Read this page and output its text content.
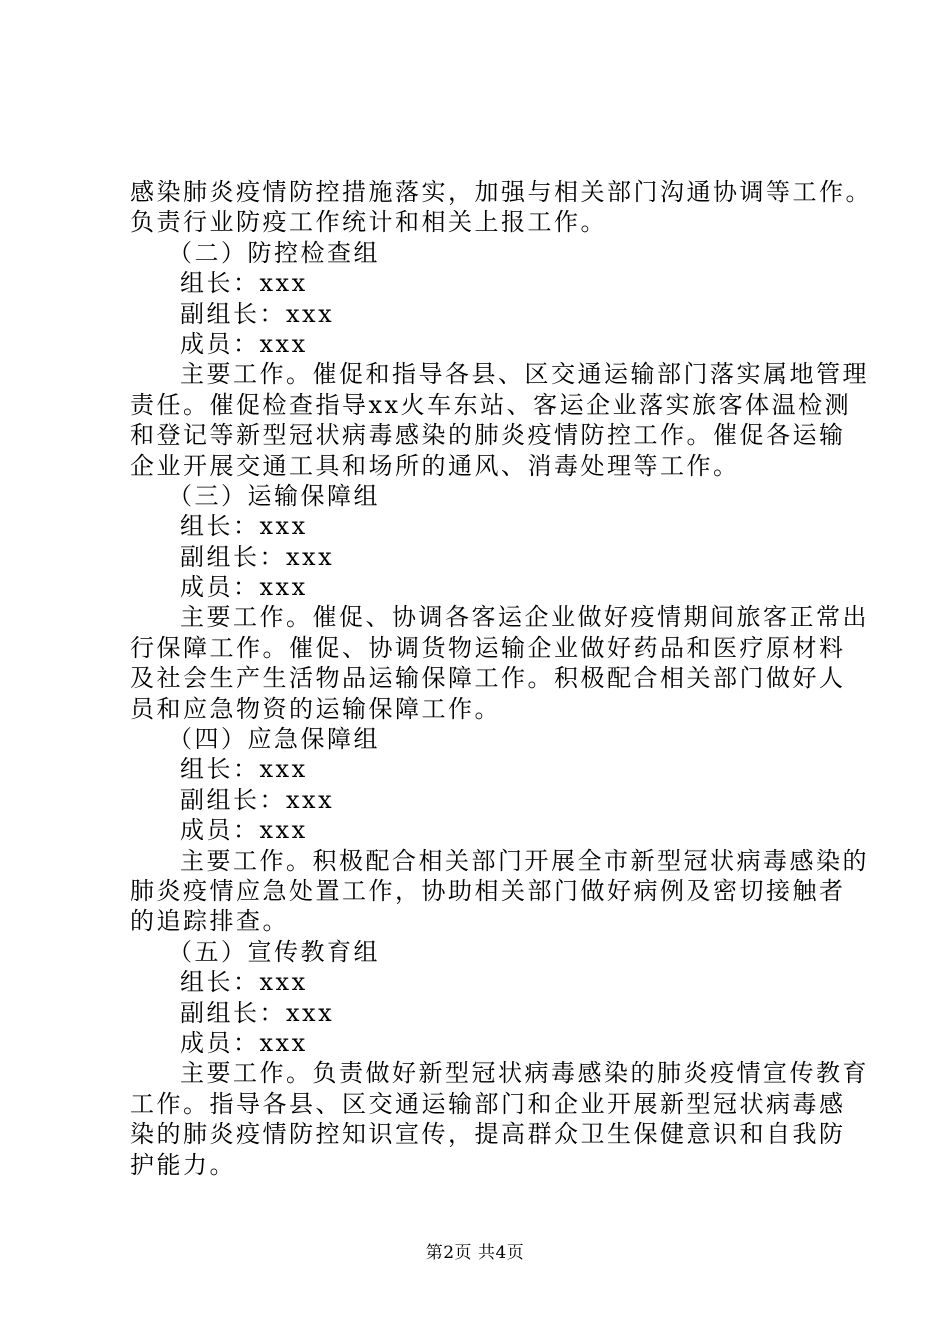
感染肺炎疫情防控措施落实，加强与相关部门沟通协调等工作。
负责行业防疫工作统计和相关上报工作。
（二）防控检查组
组长：xxx
副组长：xxx
成员：xxx
主要工作。催促和指导各县、区交通运输部门落实属地管理
责任。催促检查指导xx火车东站、客运企业落实旅客体温检测
和登记等新型冠状病毒感染的肺炎疫情防控工作。催促各运输
企业开展交通工具和场所的通风、消毒处理等工作。
（三）运输保障组
组长：xxx
副组长：xxx
成员：xxx
主要工作。催促、协调各客运企业做好疫情期间旅客正常出
行保障工作。催促、协调货物运输企业做好药品和医疗原材料
及社会生产生活物品运输保障工作。积极配合相关部门做好人
员和应急物资的运输保障工作。
（四）应急保障组
组长：xxx
副组长：xxx
成员：xxx
主要工作。积极配合相关部门开展全市新型冠状病毒感染的
肺炎疫情应急处置工作，协助相关部门做好病例及密切接触者
的追踪排查。
（五）宣传教育组
组长：xxx
副组长：xxx
成员：xxx
主要工作。负责做好新型冠状病毒感染的肺炎疫情宣传教育
工作。指导各县、区交通运输部门和企业开展新型冠状病毒感
染的肺炎疫情防控知识宣传，提高群众卫生保健意识和自我防
护能力。
第2页 共4页
